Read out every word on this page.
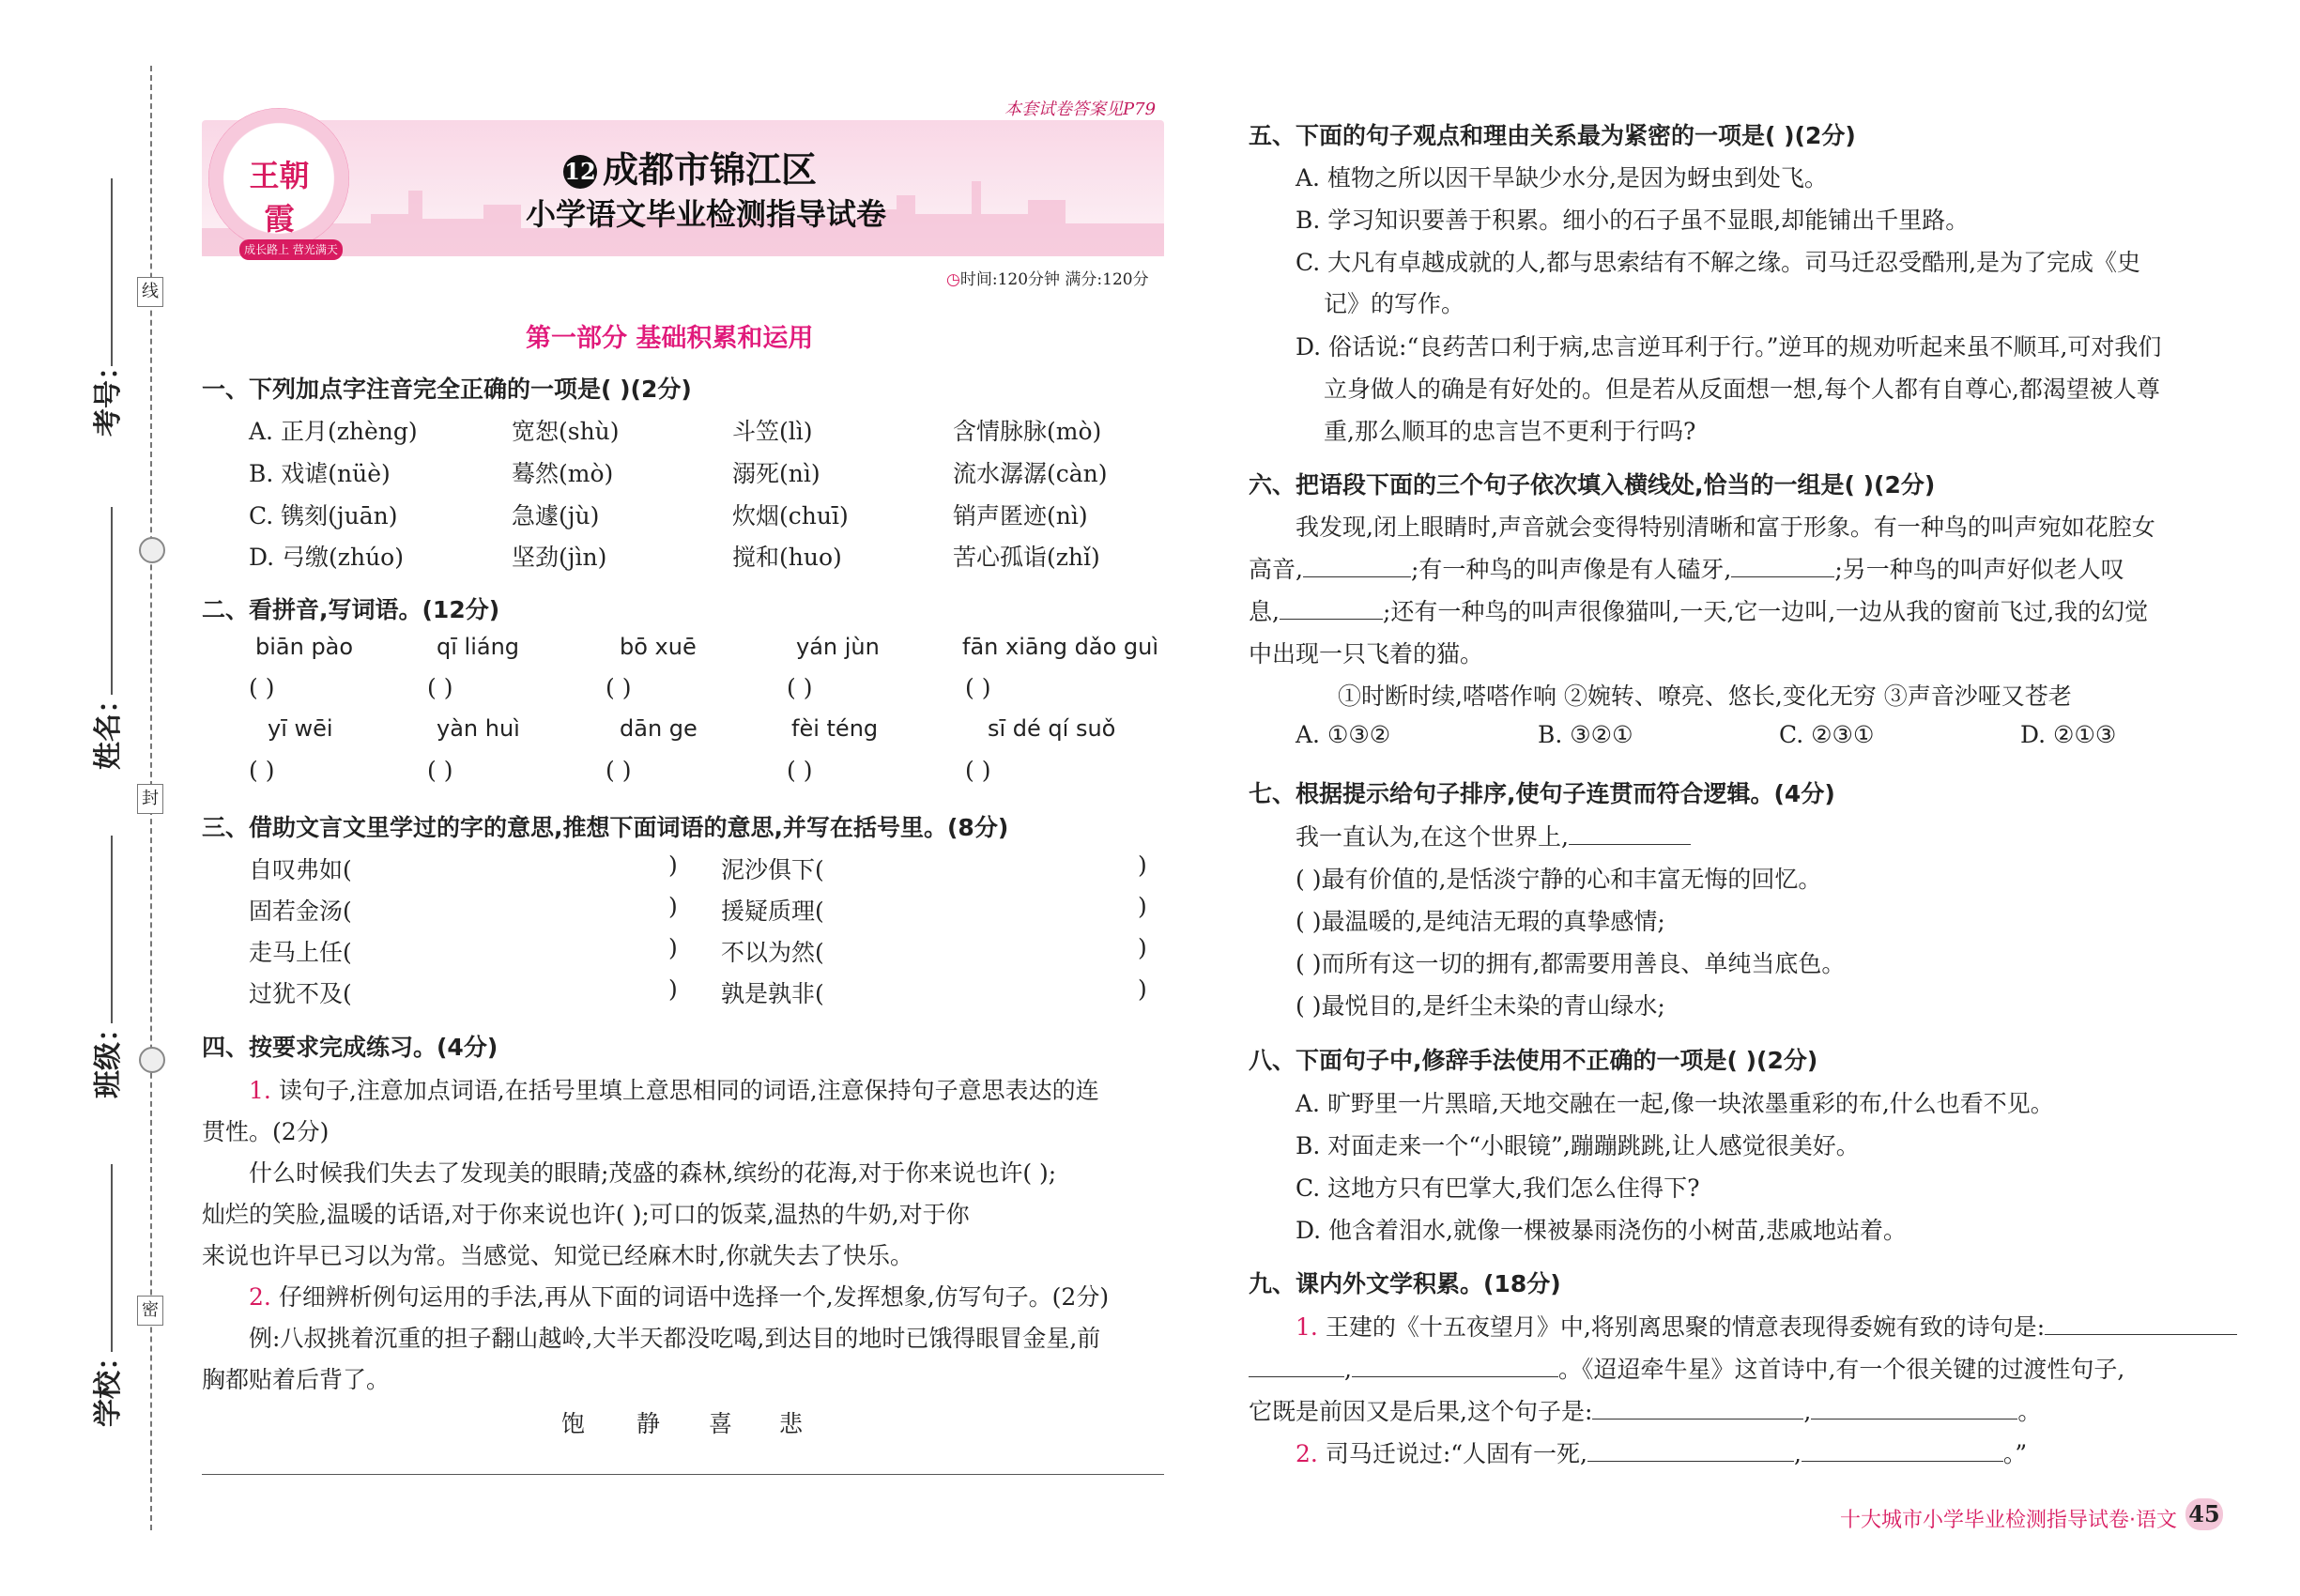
考号：
姓名：
班级：
学校：
线
封
密
本套试卷答案见P79
王朝霞
成长路上 营光满天
12 成都市锦江区
小学语文毕业检测指导试卷
◷时间:120分钟 满分:120分
第一部分 基础积累和运用
一、下列加点字注音完全正确的一项是( )(2分)
A. 正月(zhèng)	宽恕(shù)	斗笠(lì)	含情脉脉(mò)
B. 戏谑(nüè)	蓦然(mò)	溺死(nì)	流水潺潺(càn)
C. 镌刻(juān)	急遽(jù)	炊烟(chuī)	销声匿迹(nì)
D. 弓缴(zhúo)	坚劲(jìn)	搅和(huo)	苦心孤诣(zhǐ)
二、看拼音,写词语。(12分)
biān pào	qī liáng	bō xuē	yán jùn	fān xiāng dǎo guì
( )	( )	( )	( )	( )
yī wēi	yàn huì	dān ge	fèi téng	sī dé qí suǒ
( )	( )	( )	( )	( )
三、借助文言文里学过的字的意思,推想下面词语的意思,并写在括号里。(8分)
自叹弗如(	) 泥沙俱下(	)
固若金汤(	) 援疑质理(	)
走马上任(	) 不以为然(	)
过犹不及(	) 孰是孰非(	)
四、按要求完成练习。(4分)
1. 读句子,注意加点词语,在括号里填上意思相同的词语,注意保持句子意思表达的连
贯性。(2分)
什么时候我们失去了发现美的眼睛;茂盛的森林,缤纷的花海,对于你来说也许( );
灿烂的笑脸,温暖的话语,对于你来说也许( );可口的饭菜,温热的牛奶,对于你
来说也许早已习以为常。当感觉、知觉已经麻木时,你就失去了快乐。
2. 仔细辨析例句运用的手法,再从下面的词语中选择一个,发挥想象,仿写句子。(2分)
例:八叔挑着沉重的担子翻山越岭,大半天都没吃喝,到达目的地时已饿得眼冒金星,前
胸都贴着后背了。
饱 静 喜 悲
五、下面的句子观点和理由关系最为紧密的一项是( )(2分)
A. 植物之所以因干旱缺少水分,是因为蚜虫到处飞。
B. 学习知识要善于积累。细小的石子虽不显眼,却能铺出千里路。
C. 大凡有卓越成就的人,都与思索结有不解之缘。司马迁忍受酷刑,是为了完成《史
记》的写作。
D. 俗话说:“良药苦口利于病,忠言逆耳利于行。”逆耳的规劝听起来虽不顺耳,可对我们
立身做人的确是有好处的。但是若从反面想一想,每个人都有自尊心,都渴望被人尊
重,那么顺耳的忠言岂不更利于行吗?
六、把语段下面的三个句子依次填入横线处,恰当的一组是( )(2分)
我发现,闭上眼睛时,声音就会变得特别清晰和富于形象。有一种鸟的叫声宛如花腔女
高音,	;有一种鸟的叫声像是有人磕牙,	;另一种鸟的叫声好似老人叹
息,	;还有一种鸟的叫声很像猫叫,一天,它一边叫,一边从我的窗前飞过,我的幻觉
中出现一只飞着的猫。
①时断时续,嗒嗒作响 ②婉转、嘹亮、悠长,变化无穷 ③声音沙哑又苍老
A. ①③②	B. ③②①	C. ②③①	D. ②①③
七、根据提示给句子排序,使句子连贯而符合逻辑。(4分)
我一直认为,在这个世界上,
( )最有价值的,是恬淡宁静的心和丰富无悔的回忆。
( )最温暖的,是纯洁无瑕的真挚感情;
( )而所有这一切的拥有,都需要用善良、单纯当底色。
( )最悦目的,是纤尘未染的青山绿水;
八、下面句子中,修辞手法使用不正确的一项是( )(2分)
A. 旷野里一片黑暗,天地交融在一起,像一块浓墨重彩的布,什么也看不见。
B. 对面走来一个“小眼镜”,蹦蹦跳跳,让人感觉很美好。
C. 这地方只有巴掌大,我们怎么住得下?
D. 他含着泪水,就像一棵被暴雨浇伤的小树苗,悲戚地站着。
九、课内外文学积累。(18分)
1. 王建的《十五夜望月》中,将别离思聚的情意表现得委婉有致的诗句是:
,	。《迢迢牵牛星》这首诗中,有一个很关键的过渡性句子,
它既是前因又是后果,这个句子是:	,	。
2. 司马迁说过:“人固有一死,	,	。”
十大城市小学毕业检测指导试卷·语文 45
